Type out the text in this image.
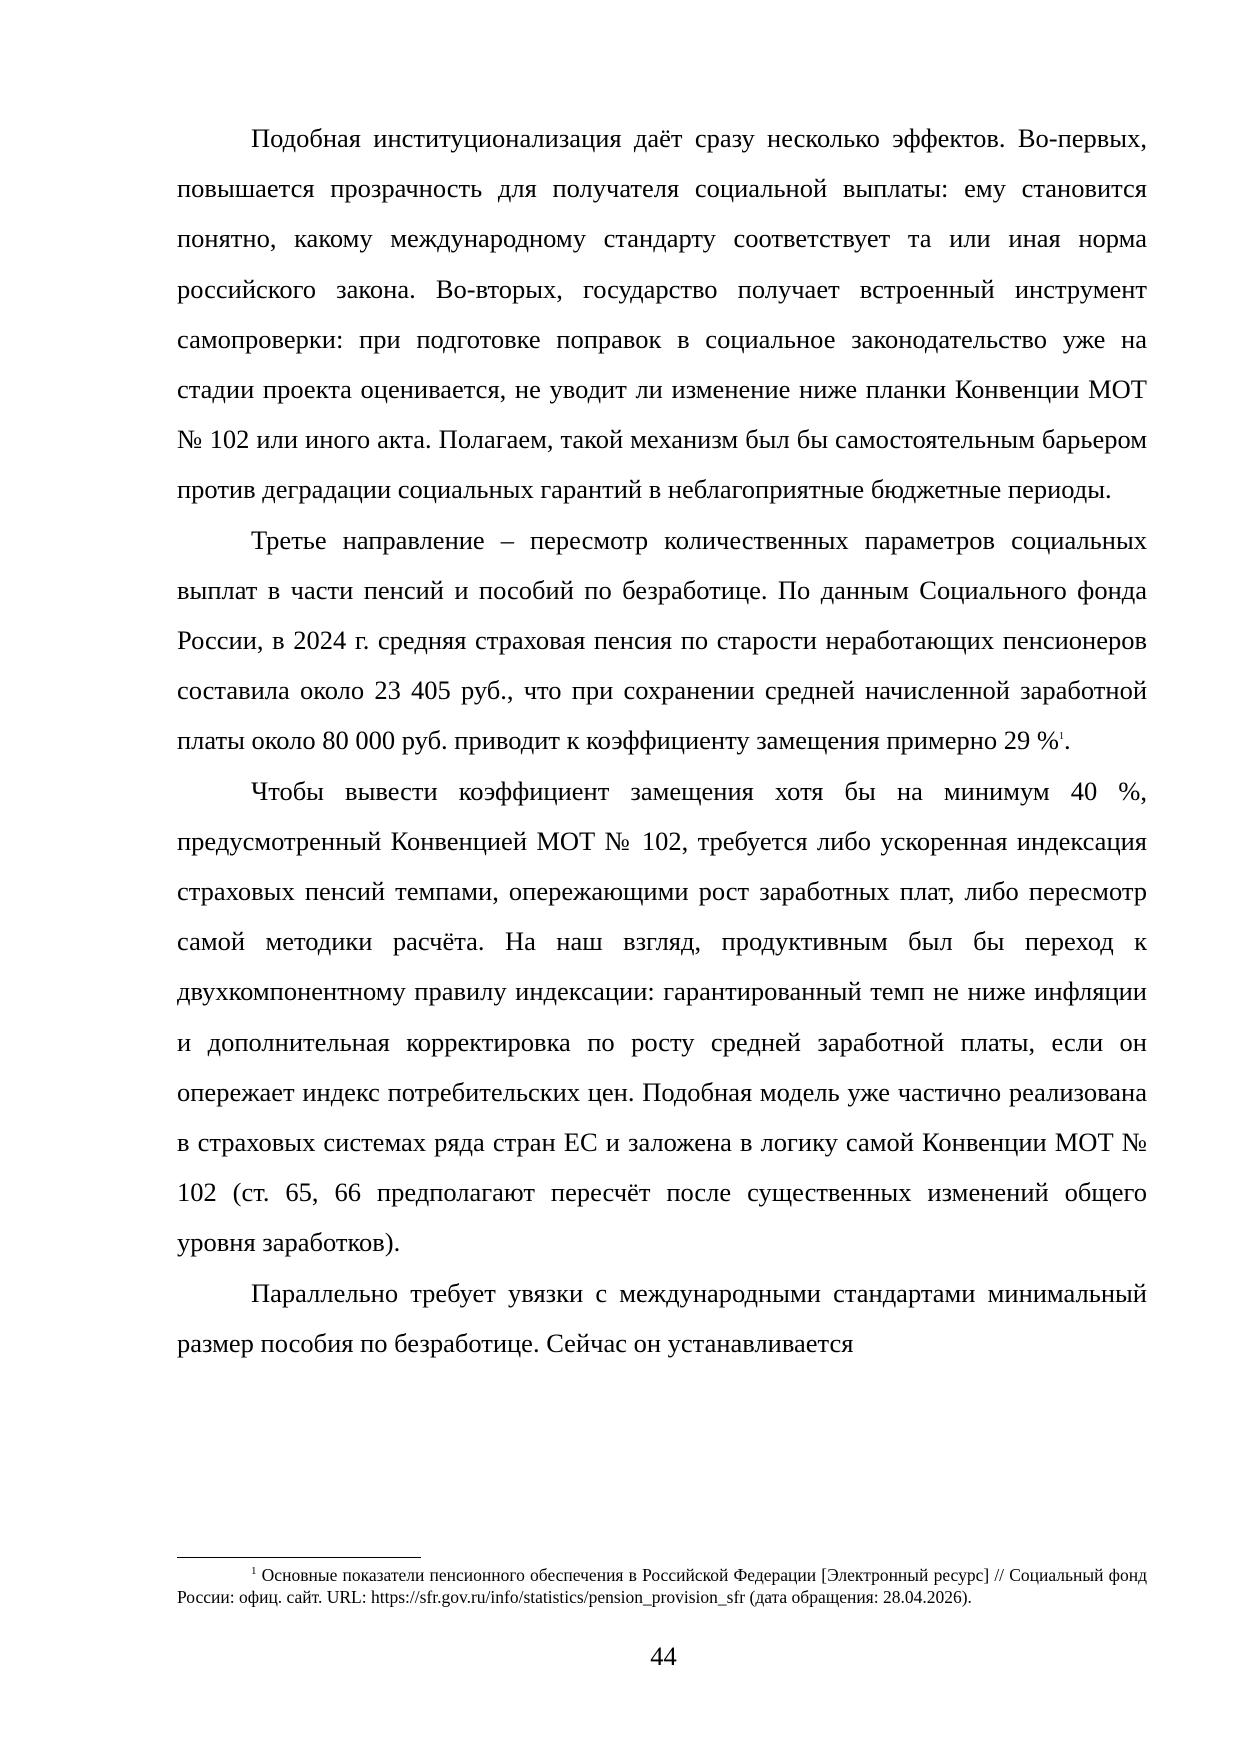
Подобная институционализация даёт сразу несколько эффектов. Во-первых, повышается прозрачность для получателя социальной выплаты: ему становится понятно, какому международному стандарту соответствует та или иная норма российского закона. Во-вторых, государство получает встроенный инструмент самопроверки: при подготовке поправок в социальное законодательство уже на стадии проекта оценивается, не уводит ли изменение ниже планки Конвенции МОТ № 102 или иного акта. Полагаем, такой механизм был бы самостоятельным барьером против деградации социальных гарантий в неблагоприятные бюджетные периоды.

Третье направление – пересмотр количественных параметров социальных выплат в части пенсий и пособий по безработице. По данным Социального фонда России, в 2024 г. средняя страховая пенсия по старости неработающих пенсионеров составила около 23 405 руб., что при сохранении средней начисленной заработной платы около 80 000 руб. приводит к коэффициенту замещения примерно 29 %$^1$.

Чтобы вывести коэффициент замещения хотя бы на минимум 40 %, предусмотренный Конвенцией МОТ № 102, требуется либо ускоренная индексация страховых пенсий темпами, опережающими рост заработных плат, либо пересмотр самой методики расчёта. На наш взгляд, продуктивным был бы переход к двухкомпонентному правилу индексации: гарантированный темп не ниже инфляции и дополнительная корректировка по росту средней заработной платы, если он опережает индекс потребительских цен. Подобная модель уже частично реализована в страховых системах ряда стран ЕС и заложена в логику самой Конвенции МОТ № 102 (ст. 65, 66 предполагают пересчёт после существенных изменений общего уровня заработков).

Параллельно требует увязки с международными стандартами минимальный размер пособия по безработице. Сейчас он устанавливается

$^1$ Основные показатели пенсионного обеспечения в Российской Федерации [Электронный ресурс] // Социальный фонд России: офиц. сайт. URL: https://sfr.gov.ru/info/statistics/pension_provision_sfr (дата обращения: 28.04.2026).

44
